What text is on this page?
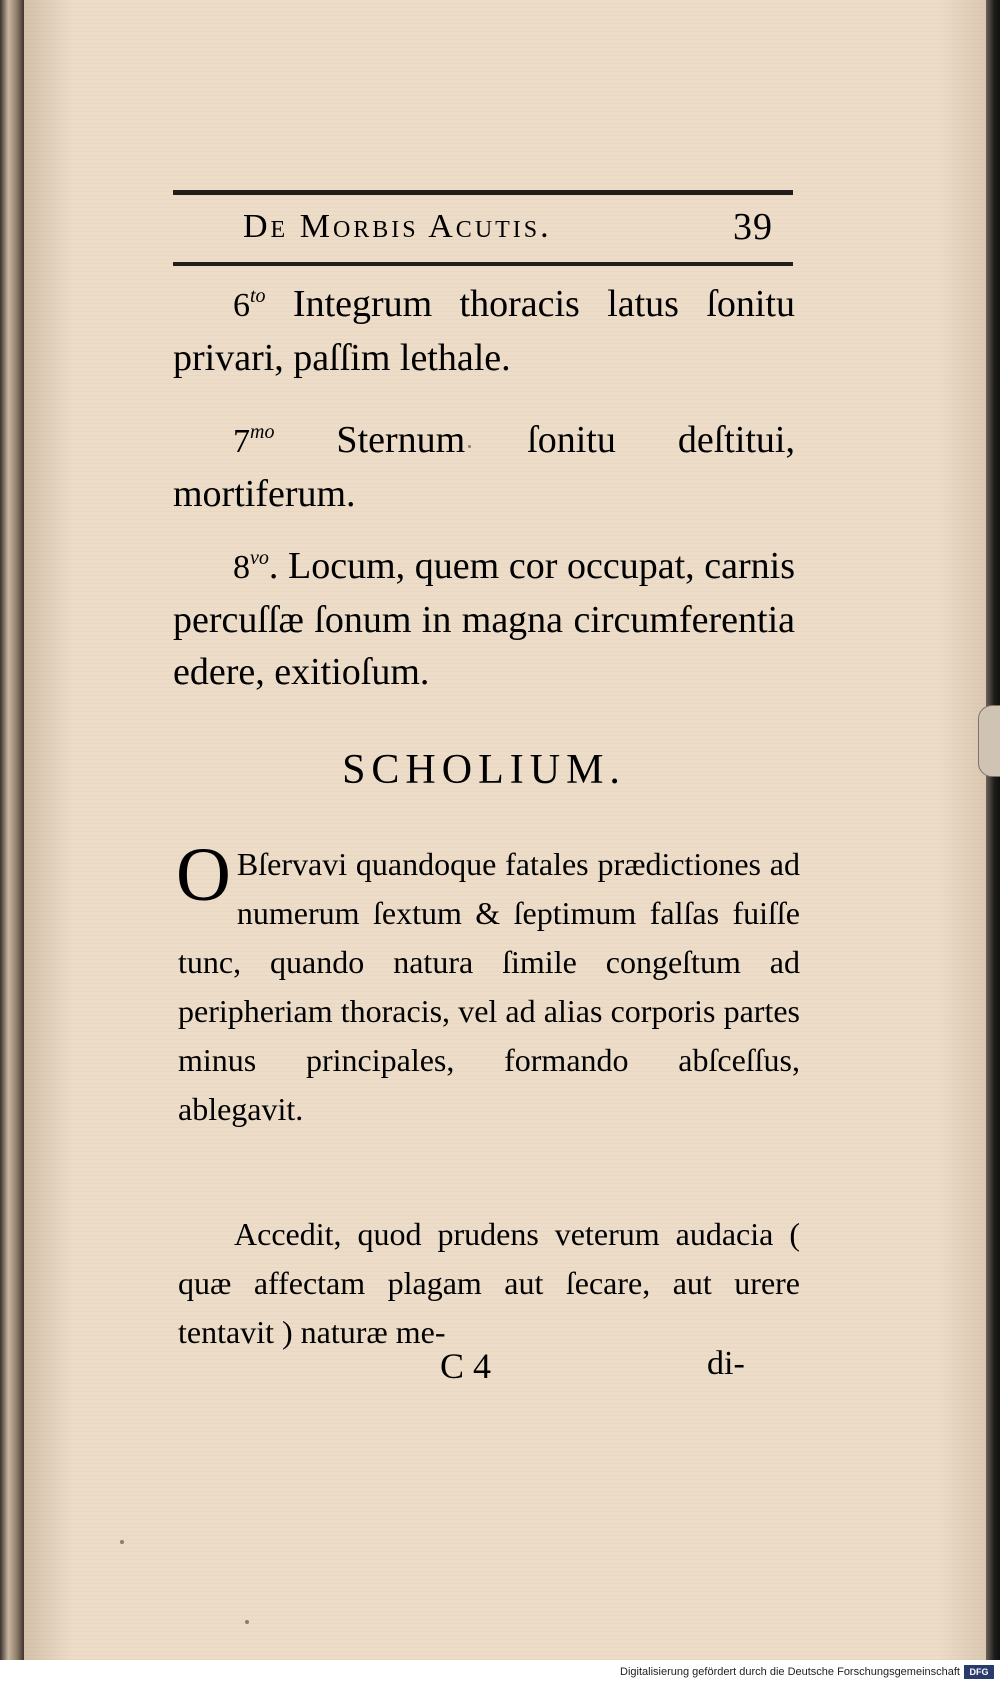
De Morbis Acutis.	39
$6^{to}$ Integrum thoracis latus ſonitu privari, paſſim lethale.
$7^{mo}$ Sternum ſonitu deſtitui, mortiferum.
$8^{vo}$. Locum, quem cor occupat, carnis percuſſæ ſonum in magna circumferentia edere, exitioſum.
SCHOLIUM.
O Bſervavi quandoque fatales prædictiones ad numerum ſextum & ſeptimum falſas fuiſſe tunc, quando natura ſimile congeſtum ad peripheriam thoracis, vel ad alias corporis partes minus principales, formando abſceſſus, ablegavit.
Accedit, quod prudens veterum audacia ( quæ affectam plagam aut ſecare, aut urere tentavit ) naturæ me-
C 4	di-
Digitalisierung gefördert durch die Deutsche Forschungsgemeinschaft	DFG
